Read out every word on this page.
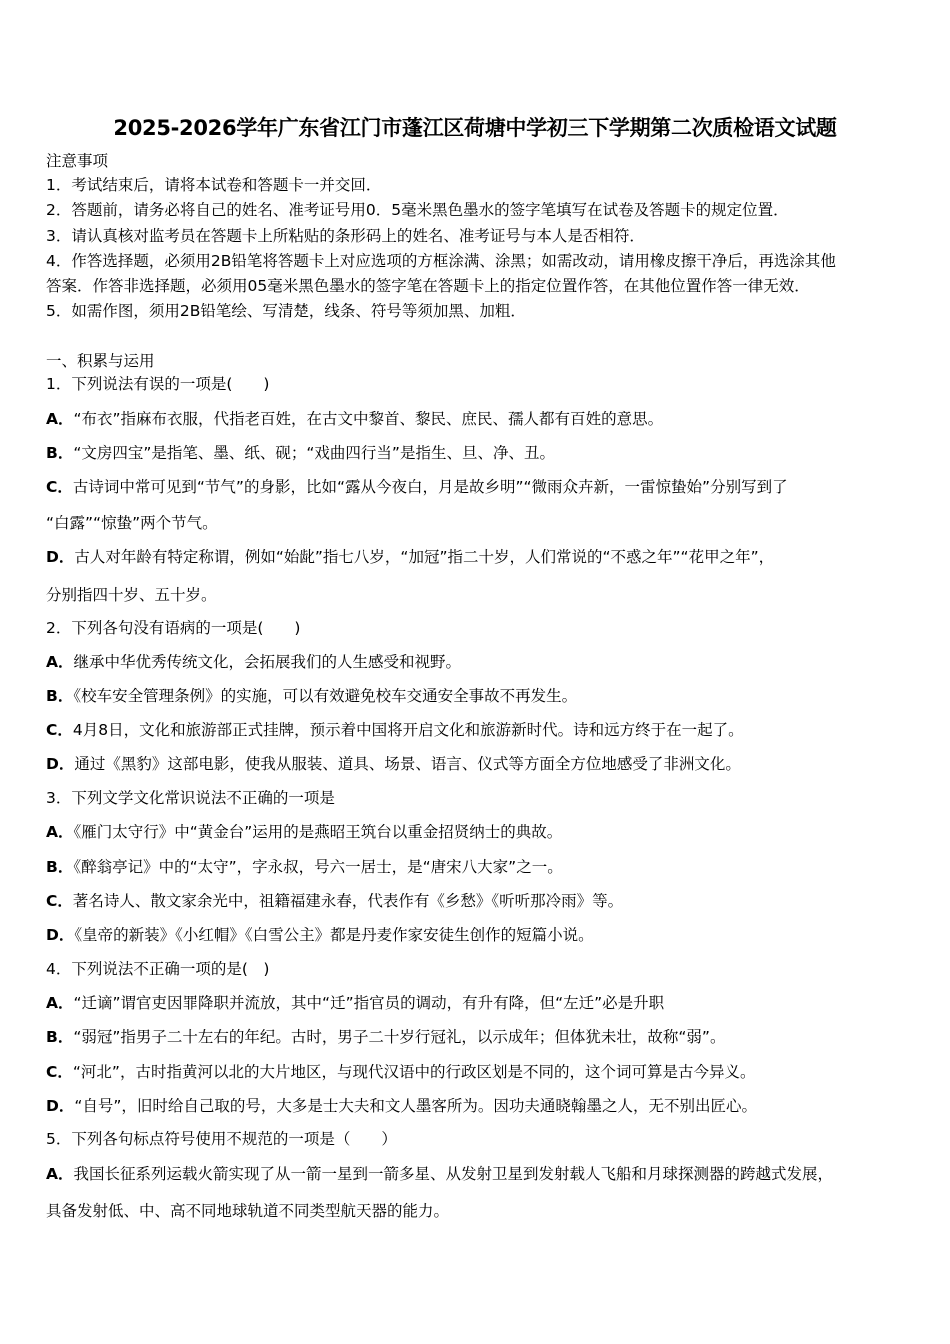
2025-2026学年广东省江门市蓬江区荷塘中学初三下学期第二次质检语文试题
注意事项
1．考试结束后，请将本试卷和答题卡一并交回．
2．答题前，请务必将自己的姓名、准考证号用0．5毫米黑色墨水的签字笔填写在试卷及答题卡的规定位置．
3．请认真核对监考员在答题卡上所粘贴的条形码上的姓名、准考证号与本人是否相符．
4．作答选择题，必须用2B铅笔将答题卡上对应选项的方框涂满、涂黑；如需改动，请用橡皮擦干净后，再选涂其他
答案．作答非选择题，必须用05毫米黑色墨水的签字笔在答题卡上的指定位置作答，在其他位置作答一律无效．
5．如需作图，须用2B铅笔绘、写清楚，线条、符号等须加黑、加粗．
一、积累与运用
1．下列说法有误的一项是(　　)
A．“布衣”指麻布衣服，代指老百姓，在古文中黎首、黎民、庶民、孺人都有百姓的意思。
B．“文房四宝”是指笔、墨、纸、砚；“戏曲四行当”是指生、旦、净、丑。
C．古诗词中常可见到“节气”的身影，比如“露从今夜白，月是故乡明”“微雨众卉新，一雷惊蛰始”分别写到了
“白露”“惊蛰”两个节气。
D．古人对年龄有特定称谓，例如“始龀”指七八岁，“加冠”指二十岁，人们常说的“不惑之年”“花甲之年”，
分别指四十岁、五十岁。
2．下列各句没有语病的一项是(　　)
A．继承中华优秀传统文化，会拓展我们的人生感受和视野。
B．《校车安全管理条例》的实施，可以有效避免校车交通安全事故不再发生。
C．4月8日，文化和旅游部正式挂牌，预示着中国将开启文化和旅游新时代。诗和远方终于在一起了。
D．通过《黑豹》这部电影，使我从服装、道具、场景、语言、仪式等方面全方位地感受了非洲文化。
3．下列文学文化常识说法不正确的一项是
A．《雁门太守行》中“黄金台”运用的是燕昭王筑台以重金招贤纳士的典故。
B．《醉翁亭记》中的“太守”，字永叔，号六一居士，是“唐宋八大家”之一。
C．著名诗人、散文家余光中，祖籍福建永春，代表作有《乡愁》《听听那冷雨》等。
D．《皇帝的新装》《小红帽》《白雪公主》都是丹麦作家安徒生创作的短篇小说。
4．下列说法不正确一项的是(　)
A．“迁谪”谓官吏因罪降职并流放，其中“迁”指官员的调动，有升有降，但“左迁”必是升职
B．“弱冠”指男子二十左右的年纪。古时，男子二十岁行冠礼，以示成年；但体犹未壮，故称“弱”。
C．“河北”，古时指黄河以北的大片地区，与现代汉语中的行政区划是不同的，这个词可算是古今异义。
D．“自号”，旧时给自己取的号，大多是士大夫和文人墨客所为。因功夫通晓翰墨之人，无不别出匠心。
5．下列各句标点符号使用不规范的一项是（　　）
A．我国长征系列运载火箭实现了从一箭一星到一箭多星、从发射卫星到发射载人飞船和月球探测器的跨越式发展，
具备发射低、中、高不同地球轨道不同类型航天器的能力。
